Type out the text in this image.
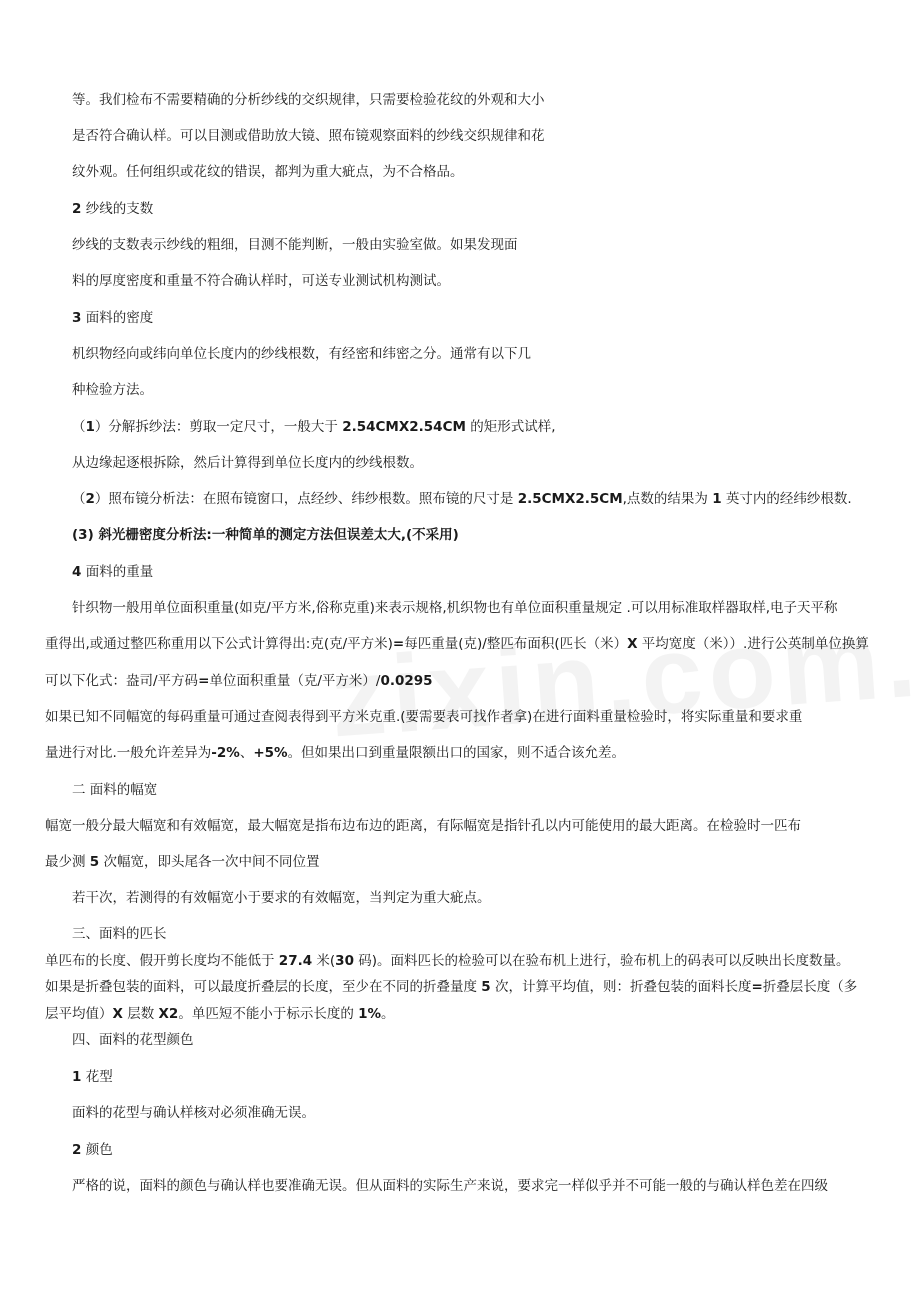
等。我们检布不需要精确的分析纱线的交织规律，只需要检验花纹的外观和大小
是否符合确认样。可以目测或借助放大镜、照布镜观察面料的纱线交织规律和花
纹外观。任何组织或花纹的错误，都判为重大疵点，为不合格品。
2 纱线的支数
纱线的支数表示纱线的粗细，目测不能判断，一般由实验室做。如果发现面
料的厚度密度和重量不符合确认样时，可送专业测试机构测试。
3 面料的密度
机织物经向或纬向单位长度内的纱线根数，有经密和纬密之分。通常有以下几
种检验方法。
（1）分解拆纱法：剪取一定尺寸，一般大于 2.54CMX2.54CM 的矩形式试样,
从边缘起逐根拆除，然后计算得到单位长度内的纱线根数。
（2）照布镜分析法：在照布镜窗口，点经纱、纬纱根数。照布镜的尺寸是 2.5CMX2.5CM,点数的结果为 1 英寸内的经纬纱根数.
(3) 斜光栅密度分析法:一种简单的测定方法但误差太大,(不采用)
4 面料的重量
针织物一般用单位面积重量(如克/平方米,俗称克重)来表示规格,机织物也有单位面积重量规定 .可以用标准取样器取样,电子天平称
重得出,或通过整匹称重用以下公式计算得出:克(克/平方米)=每匹重量(克)/整匹布面积(匹长（米）X 平均宽度（米））.进行公英制单位换算
可以下化式：盎司/平方码=单位面积重量（克/平方米）/0.0295
如果已知不同幅宽的每码重量可通过查阅表得到平方米克重.(要需要表可找作者拿)在进行面料重量检验时，将实际重量和要求重
量进行对比.一般允许差异为-2%、+5%。但如果出口到重量限额出口的国家，则不适合该允差。
二 面料的幅宽
幅宽一般分最大幅宽和有效幅宽，最大幅宽是指布边布边的距离，有际幅宽是指针孔以内可能使用的最大距离。在检验时一匹布
最少测 5 次幅宽，即头尾各一次中间不同位置
若干次，若测得的有效幅宽小于要求的有效幅宽，当判定为重大疵点。
三、面料的匹长
单匹布的长度、假开剪长度均不能低于 27.4 米(30 码)。面料匹长的检验可以在验布机上进行，验布机上的码表可以反映出长度数量。
如果是折叠包装的面料，可以最度折叠层的长度，至少在不同的折叠量度 5 次，计算平均值，则：折叠包装的面料长度=折叠层长度（多
层平均值）X 层数 X2。单匹短不能小于标示长度的 1%。
四、面料的花型颜色
1 花型
面料的花型与确认样核对必须准确无误。
2 颜色
严格的说，面料的颜色与确认样也要准确无误。但从面料的实际生产来说，要求完一样似乎并不可能一般的与确认样色差在四级
